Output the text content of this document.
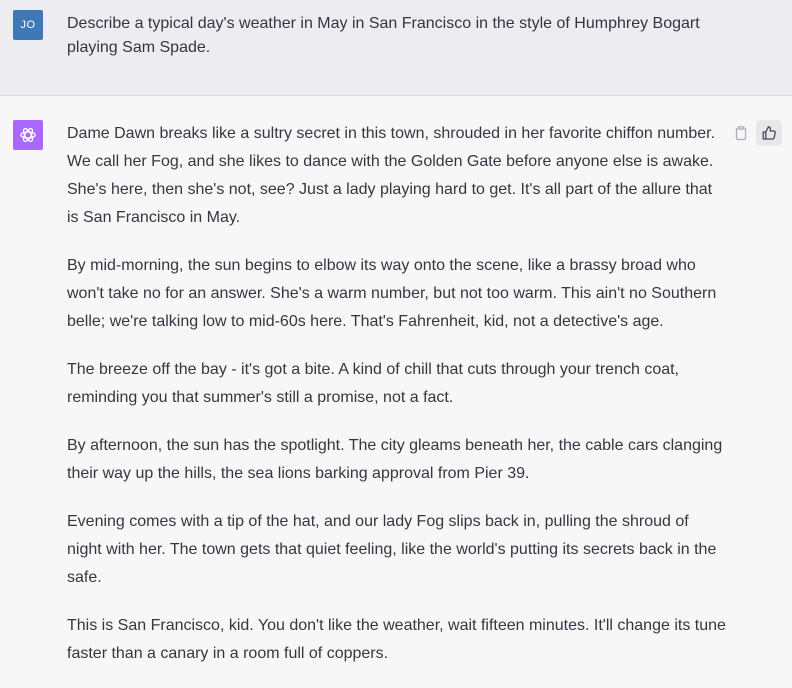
JO Describe a typical day's weather in May in San Francisco in the style of Humphrey Bogart playing Sam Spade.

Dame Dawn breaks like a sultry secret in this town, shrouded in her favorite chiffon number. We call her Fog, and she likes to dance with the Golden Gate before anyone else is awake. She's here, then she's not, see? Just a lady playing hard to get. It's all part of the allure that is San Francisco in May.

By mid-morning, the sun begins to elbow its way onto the scene, like a brassy broad who won't take no for an answer. She's a warm number, but not too warm. This ain't no Southern belle; we're talking low to mid-60s here. That's Fahrenheit, kid, not a detective's age.

The breeze off the bay - it's got a bite. A kind of chill that cuts through your trench coat, reminding you that summer's still a promise, not a fact.

By afternoon, the sun has the spotlight. The city gleams beneath her, the cable cars clanging their way up the hills, the sea lions barking approval from Pier 39.

Evening comes with a tip of the hat, and our lady Fog slips back in, pulling the shroud of night with her. The town gets that quiet feeling, like the world's putting its secrets back in the safe.

This is San Francisco, kid. You don't like the weather, wait fifteen minutes. It'll change its tune faster than a canary in a room full of coppers.
